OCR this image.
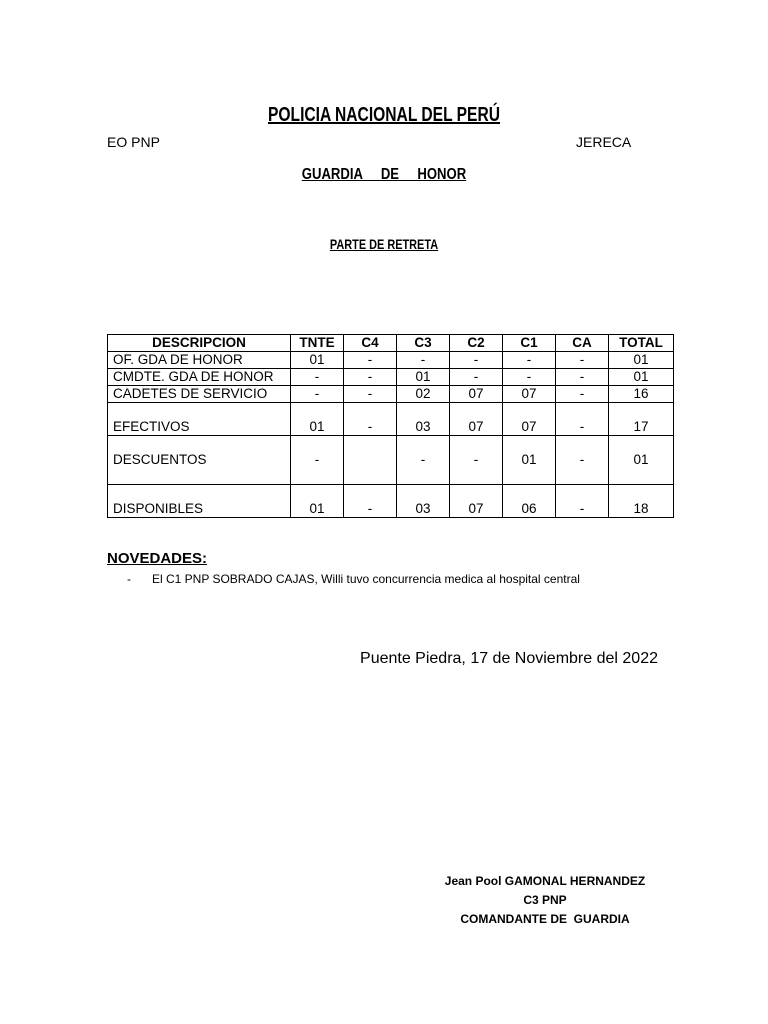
POLICIA NACIONAL DEL PERÚ
EO PNP	JERECA
GUARDIA   DE   HONOR
PARTE DE RETRETA
DESCRIPCION	TNTE	C4	C3	C2	C1	CA	TOTAL
OF. GDA DE HONOR	01	-	-	-	-	-	01
CMDTE. GDA DE HONOR	-	-	01	-	-	-	01
CADETES DE SERVICIO	-	-	02	07	07	-	16
EFECTIVOS	01	-	03	07	07	-	17
DESCUENTOS	-		-	-	01	-	01
DISPONIBLES	01	-	03	07	06	-	18
NOVEDADES:
- El C1 PNP SOBRADO CAJAS, Willi tuvo concurrencia medica al hospital central
Puente Piedra, 17 de Noviembre del 2022
Jean Pool GAMONAL HERNANDEZ
C3 PNP
COMANDANTE DE  GUARDIA
